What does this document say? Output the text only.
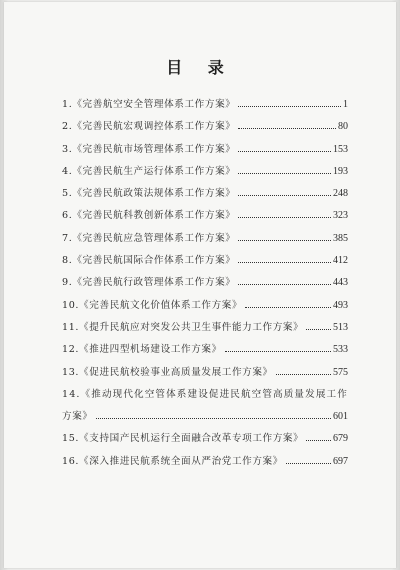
目 录
1.《完善航空安全管理体系工作方案》	1
2.《完善民航宏观调控体系工作方案》	80
3.《完善民航市场管理体系工作方案》	153
4.《完善民航生产运行体系工作方案》	193
5.《完善民航政策法规体系工作方案》	248
6.《完善民航科教创新体系工作方案》	323
7.《完善民航应急管理体系工作方案》	385
8.《完善民航国际合作体系工作方案》	412
9.《完善民航行政管理体系工作方案》	443
10.《完善民航文化价值体系工作方案》	493
11.《提升民航应对突发公共卫生事件能力工作方案》	513
12.《推进四型机场建设工作方案》	533
13.《促进民航校验事业高质量发展工作方案》	575
14.《推动现代化空管体系建设促进民航空管高质量发展工作
方案》	601
15.《支持国产民机运行全面融合改革专项工作方案》	679
16.《深入推进民航系统全面从严治党工作方案》	697
